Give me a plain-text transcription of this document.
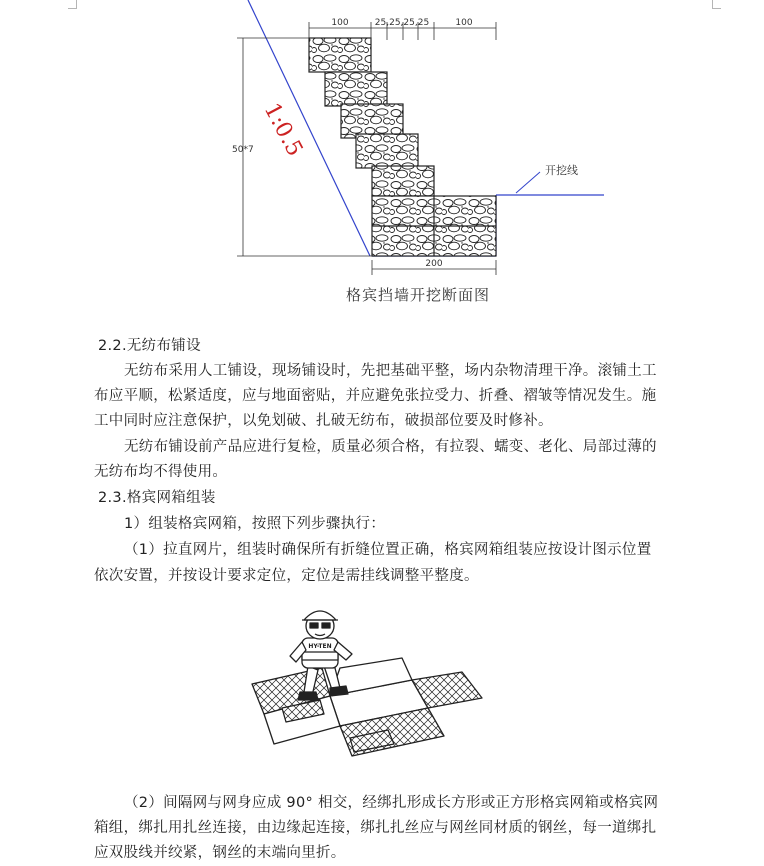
100	25,25,25,25	100
50*7 1:0.5
开挖线
200
格宾挡墙开挖断面图
2.2.无纺布铺设
无纺布采用人工铺设，现场铺设时，先把基础平整，场内杂物清理干净。滚铺土工
布应平顺，松紧适度，应与地面密贴，并应避免张拉受力、折叠、褶皱等情况发生。施
工中同时应注意保护，以免划破、扎破无纺布，破损部位要及时修补。
无纺布铺设前产品应进行复检，质量必须合格，有拉裂、蠕变、老化、局部过薄的
无纺布均不得使用。
2.3.格宾网箱组装
1）组装格宾网箱，按照下列步骤执行：
（1）拉直网片，组装时确保所有折缝位置正确，格宾网箱组装应按设计图示位置
依次安置，并按设计要求定位，定位是需挂线调整平整度。
HY-TEN
（2）间隔网与网身应成 90° 相交，经绑扎形成长方形或正方形格宾网箱或格宾网
箱组，绑扎用扎丝连接，由边缘起连接，绑扎扎丝应与网丝同材质的钢丝，每一道绑扎
应双股线并绞紧，钢丝的末端向里折。
